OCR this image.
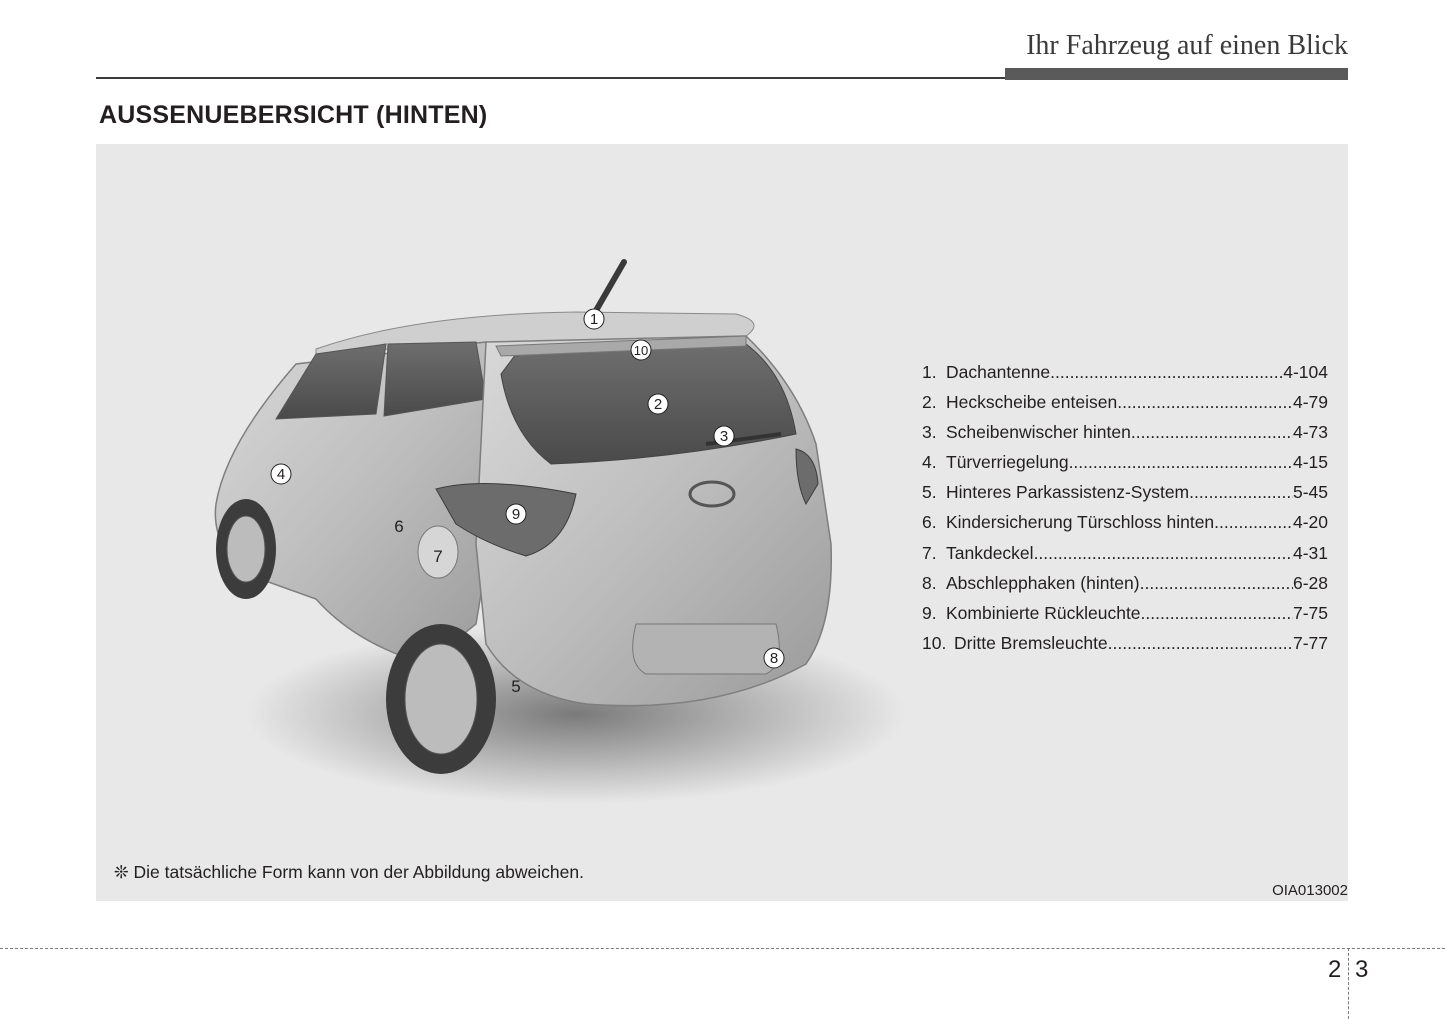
Ihr Fahrzeug auf einen Blick
AUSSENUEBERSICHT (HINTEN)
1
10
2
3
4
9
6
7
8
5
1. Dachantenne .....	4-104
2. Heckscheibe enteisen .....	4-79
3. Scheibenwischer hinten .....	4-73
4. Türverriegelung .....	4-15
5. Hinteres Parkassistenz-System .....	5-45
6. Kindersicherung Türschloss hinten .....	4-20
7. Tankdeckel .....	4-31
8. Abschlepphaken (hinten) .....	6-28
9. Kombinierte Rückleuchte .....	7-75
10. Dritte Bremsleuchte .....	7-77
❊ Die tatsächliche Form kann von der Abbildung abweichen.
OIA013002
2 3
